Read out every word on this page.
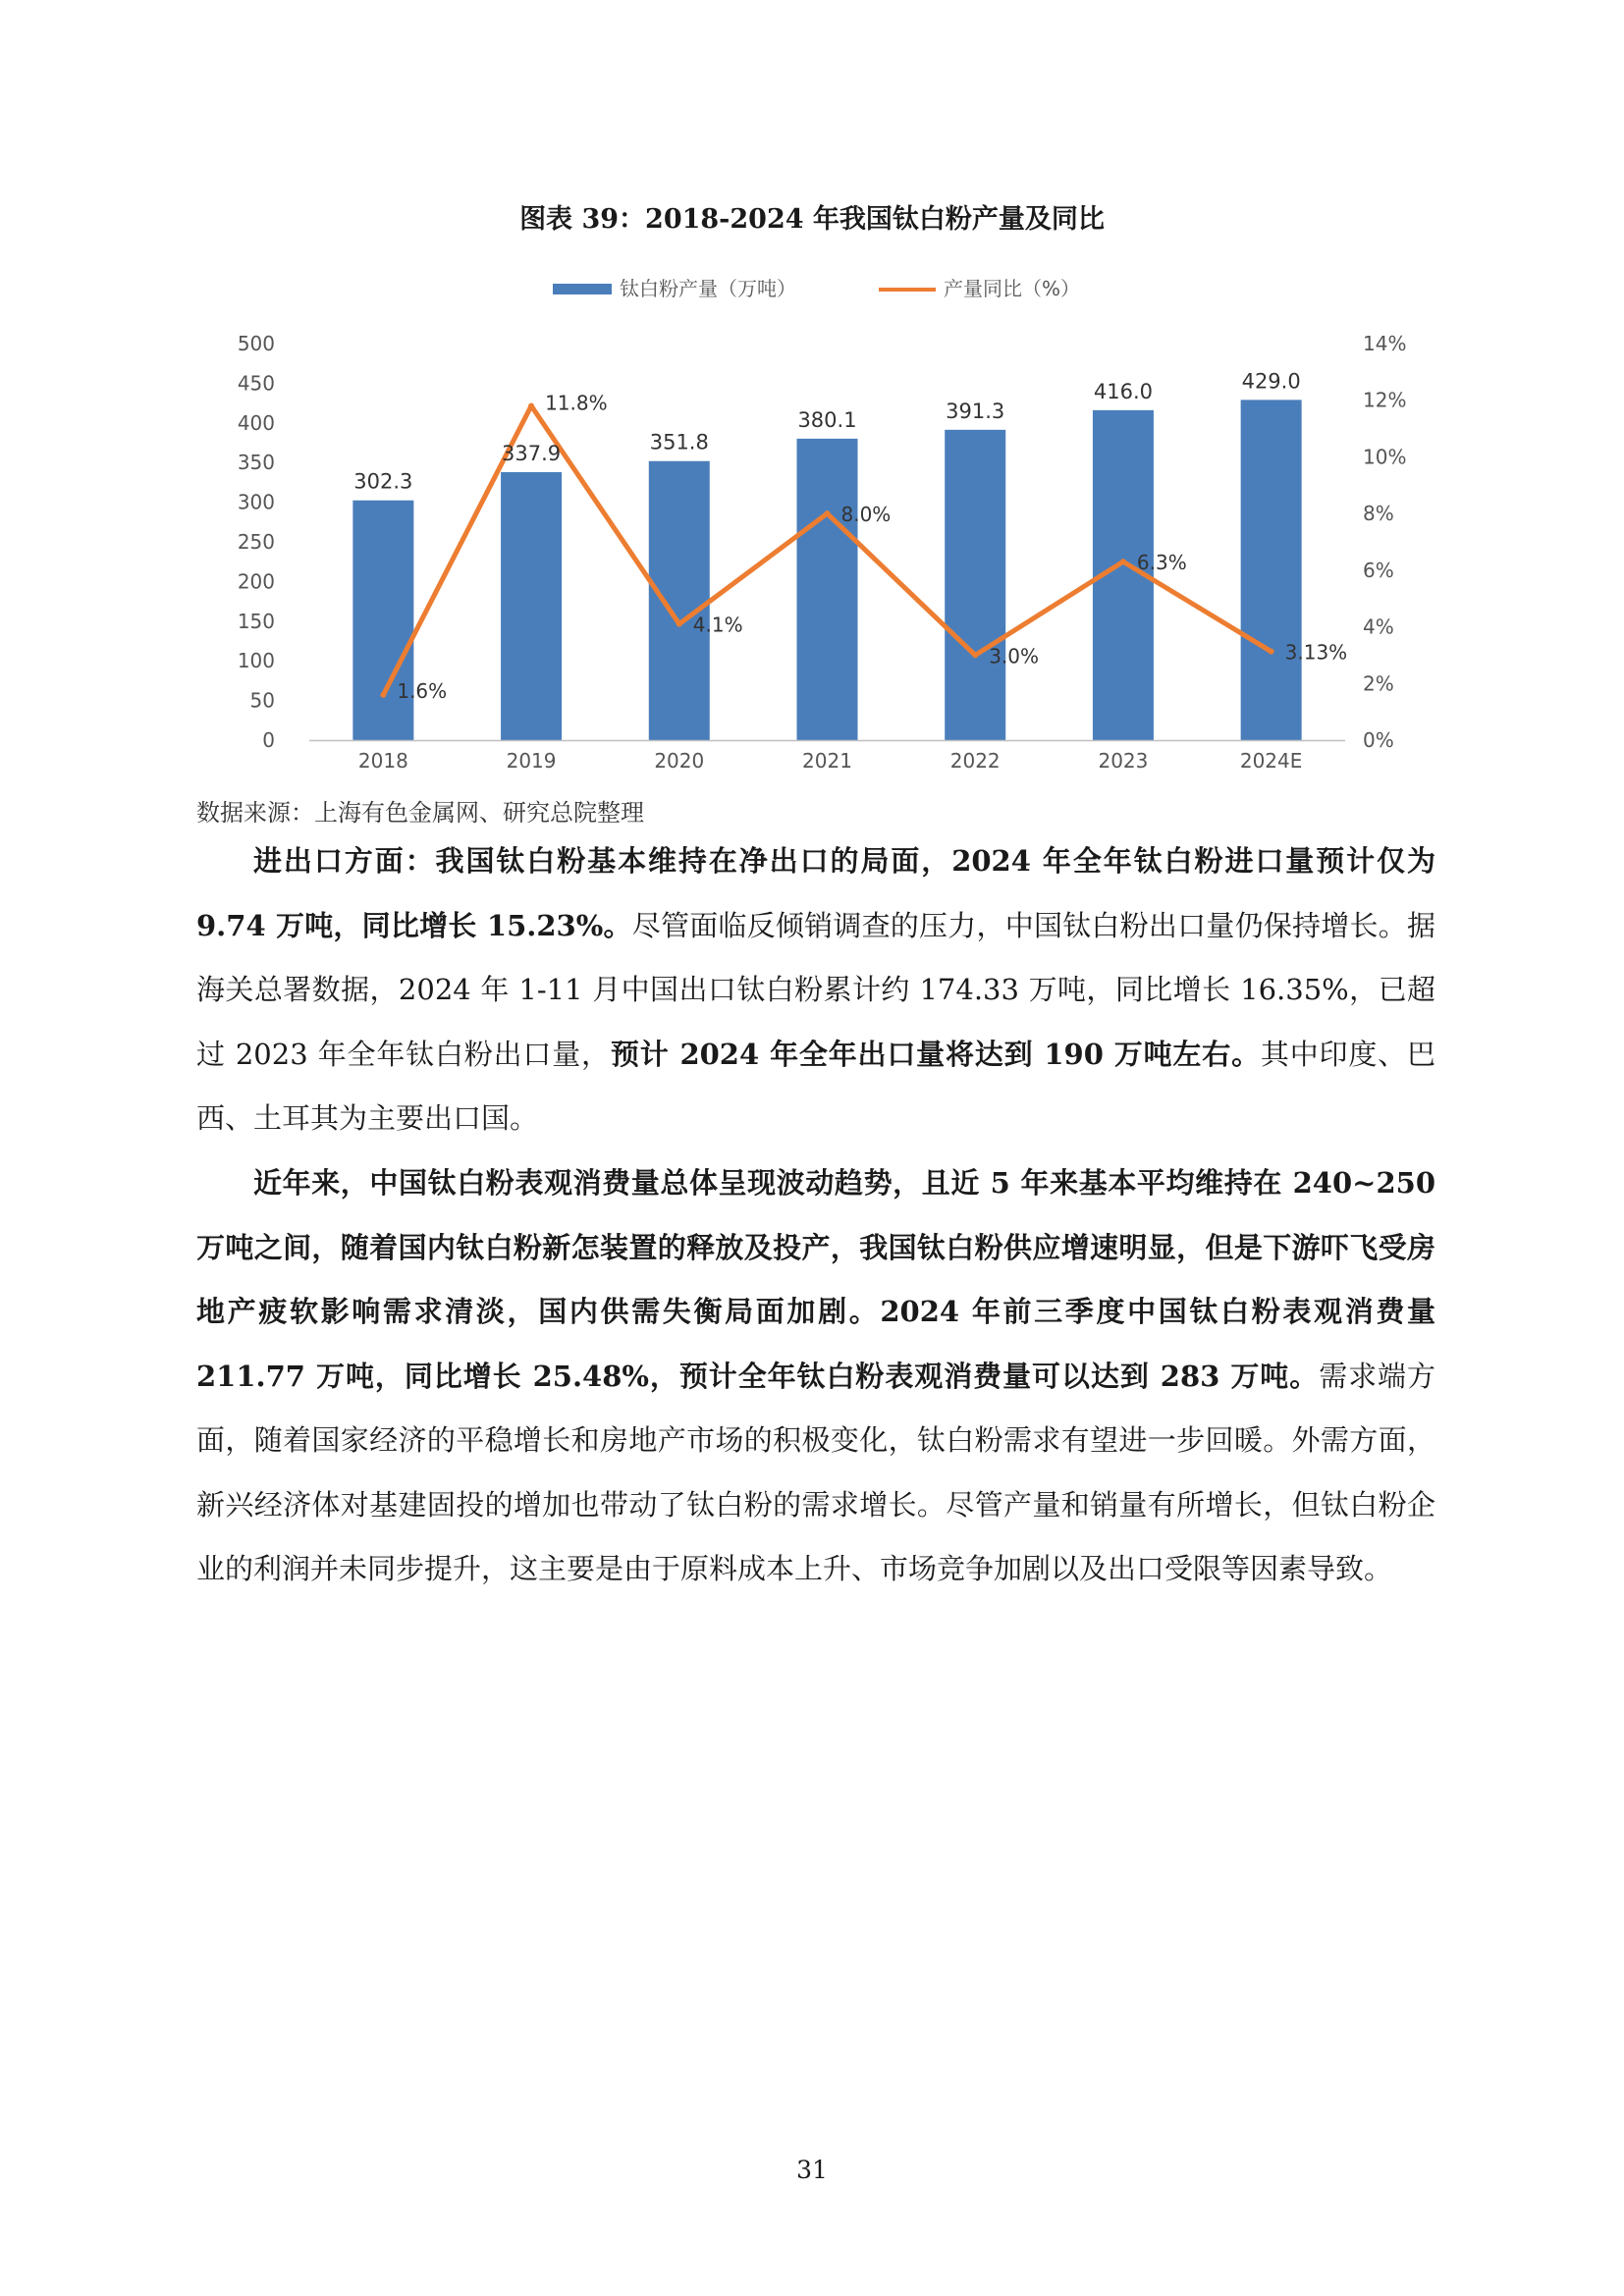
图表 39：2018-2024 年我国钛白粉产量及同比
钛白粉产量（万吨）	产量同比（%）
0
50
100
150
200
250
300
350
400
450
500
0%
2%
4%
6%
8%
10%
12%
14%
2018	2019	2020	2021	2022	2023	2024E
302.3
337.9	351.8
380.1	391.3
416.0	429.0
1.6%
11.8%
4.1%
8.0%
3.0%
6.3%
3.13%

数据来源：上海有色金属网、研究总院整理

进出口方面：我国钛白粉基本维持在净出口的局面，2024 年全年钛白粉进口量预计仅为 9.74 万吨，同比增长 15.23%。尽管面临反倾销调查的压力，中国钛白粉出口量仍保持增长。据海关总署数据，2024 年 1-11 月中国出口钛白粉累计约 174.33 万吨，同比增长 16.35%，已超过 2023 年全年钛白粉出口量，预计 2024 年全年出口量将达到 190 万吨左右。其中印度、巴西、土耳其为主要出口国。

近年来，中国钛白粉表观消费量总体呈现波动趋势，且近 5 年来基本平均维持在 240~250 万吨之间，随着国内钛白粉新怎装置的释放及投产，我国钛白粉供应增速明显，但是下游吓飞受房地产疲软影响需求清淡，国内供需失衡局面加剧。2024 年前三季度中国钛白粉表观消费量 211.77 万吨，同比增长 25.48%，预计全年钛白粉表观消费量可以达到 283 万吨。需求端方面，随着国家经济的平稳增长和房地产市场的积极变化，钛白粉需求有望进一步回暖。外需方面，新兴经济体对基建固投的增加也带动了钛白粉的需求增长。尽管产量和销量有所增长，但钛白粉企业的利润并未同步提升，这主要是由于原料成本上升、市场竞争加剧以及出口受限等因素导致。

31
